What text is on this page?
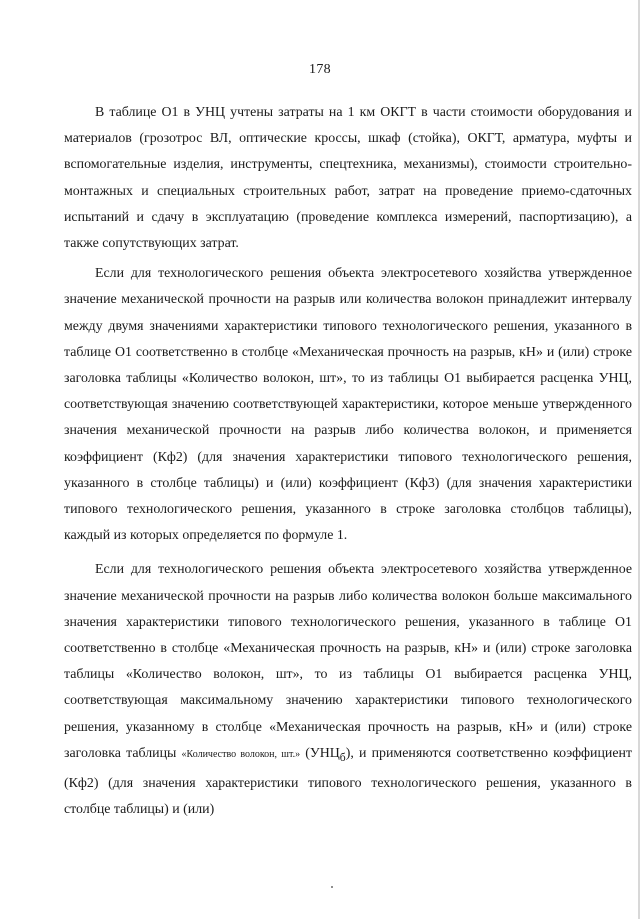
178

В таблице О1 в УНЦ учтены затраты на 1 км ОКГТ в части стоимости оборудования и материалов (грозотрос ВЛ, оптические кроссы, шкаф (стойка), ОКГТ, арматура, муфты и вспомогательные изделия, инструменты, спецтехника, механизмы), стоимости строительно-монтажных и специальных строительных работ, затрат на проведение приемо-сдаточных испытаний и сдачу в эксплуатацию (проведение комплекса измерений, паспортизацию), а также сопутствующих затрат.

Если для технологического решения объекта электросетевого хозяйства утвержденное значение механической прочности на разрыв или количества волокон принадлежит интервалу между двумя значениями характеристики типового технологического решения, указанного в таблице О1 соответственно в столбце «Механическая прочность на разрыв, кН» и (или) строке заголовка таблицы «Количество волокон, шт», то из таблицы О1 выбирается расценка УНЦ, соответствующая значению соответствующей характеристики, которое меньше утвержденного значения механической прочности на разрыв либо количества волокон, и применяется коэффициент (Кф2) (для значения характеристики типового технологического решения, указанного в столбце таблицы) и (или) коэффициент (Кф3) (для значения характеристики типового технологического решения, указанного в строке заголовка столбцов таблицы), каждый из которых определяется по формуле 1.

Если для технологического решения объекта электросетевого хозяйства утвержденное значение механической прочности на разрыв либо количества волокон больше максимального значения характеристики типового технологического решения, указанного в таблице О1 соответственно в столбце «Механическая прочность на разрыв, кН» и (или) строке заголовка таблицы «Количество волокон, шт», то из таблицы О1 выбирается расценка УНЦ, соответствующая максимальному значению характеристики типового технологического решения, указанному в столбце «Механическая прочность на разрыв, кН» и (или) строке заголовка таблицы «Количество волокон, шт.» $(УНЦ_б)$, и применяются соответственно коэффициент (Кф2) (для значения характеристики типового технологического решения, указанного в столбце таблицы) и (или)
